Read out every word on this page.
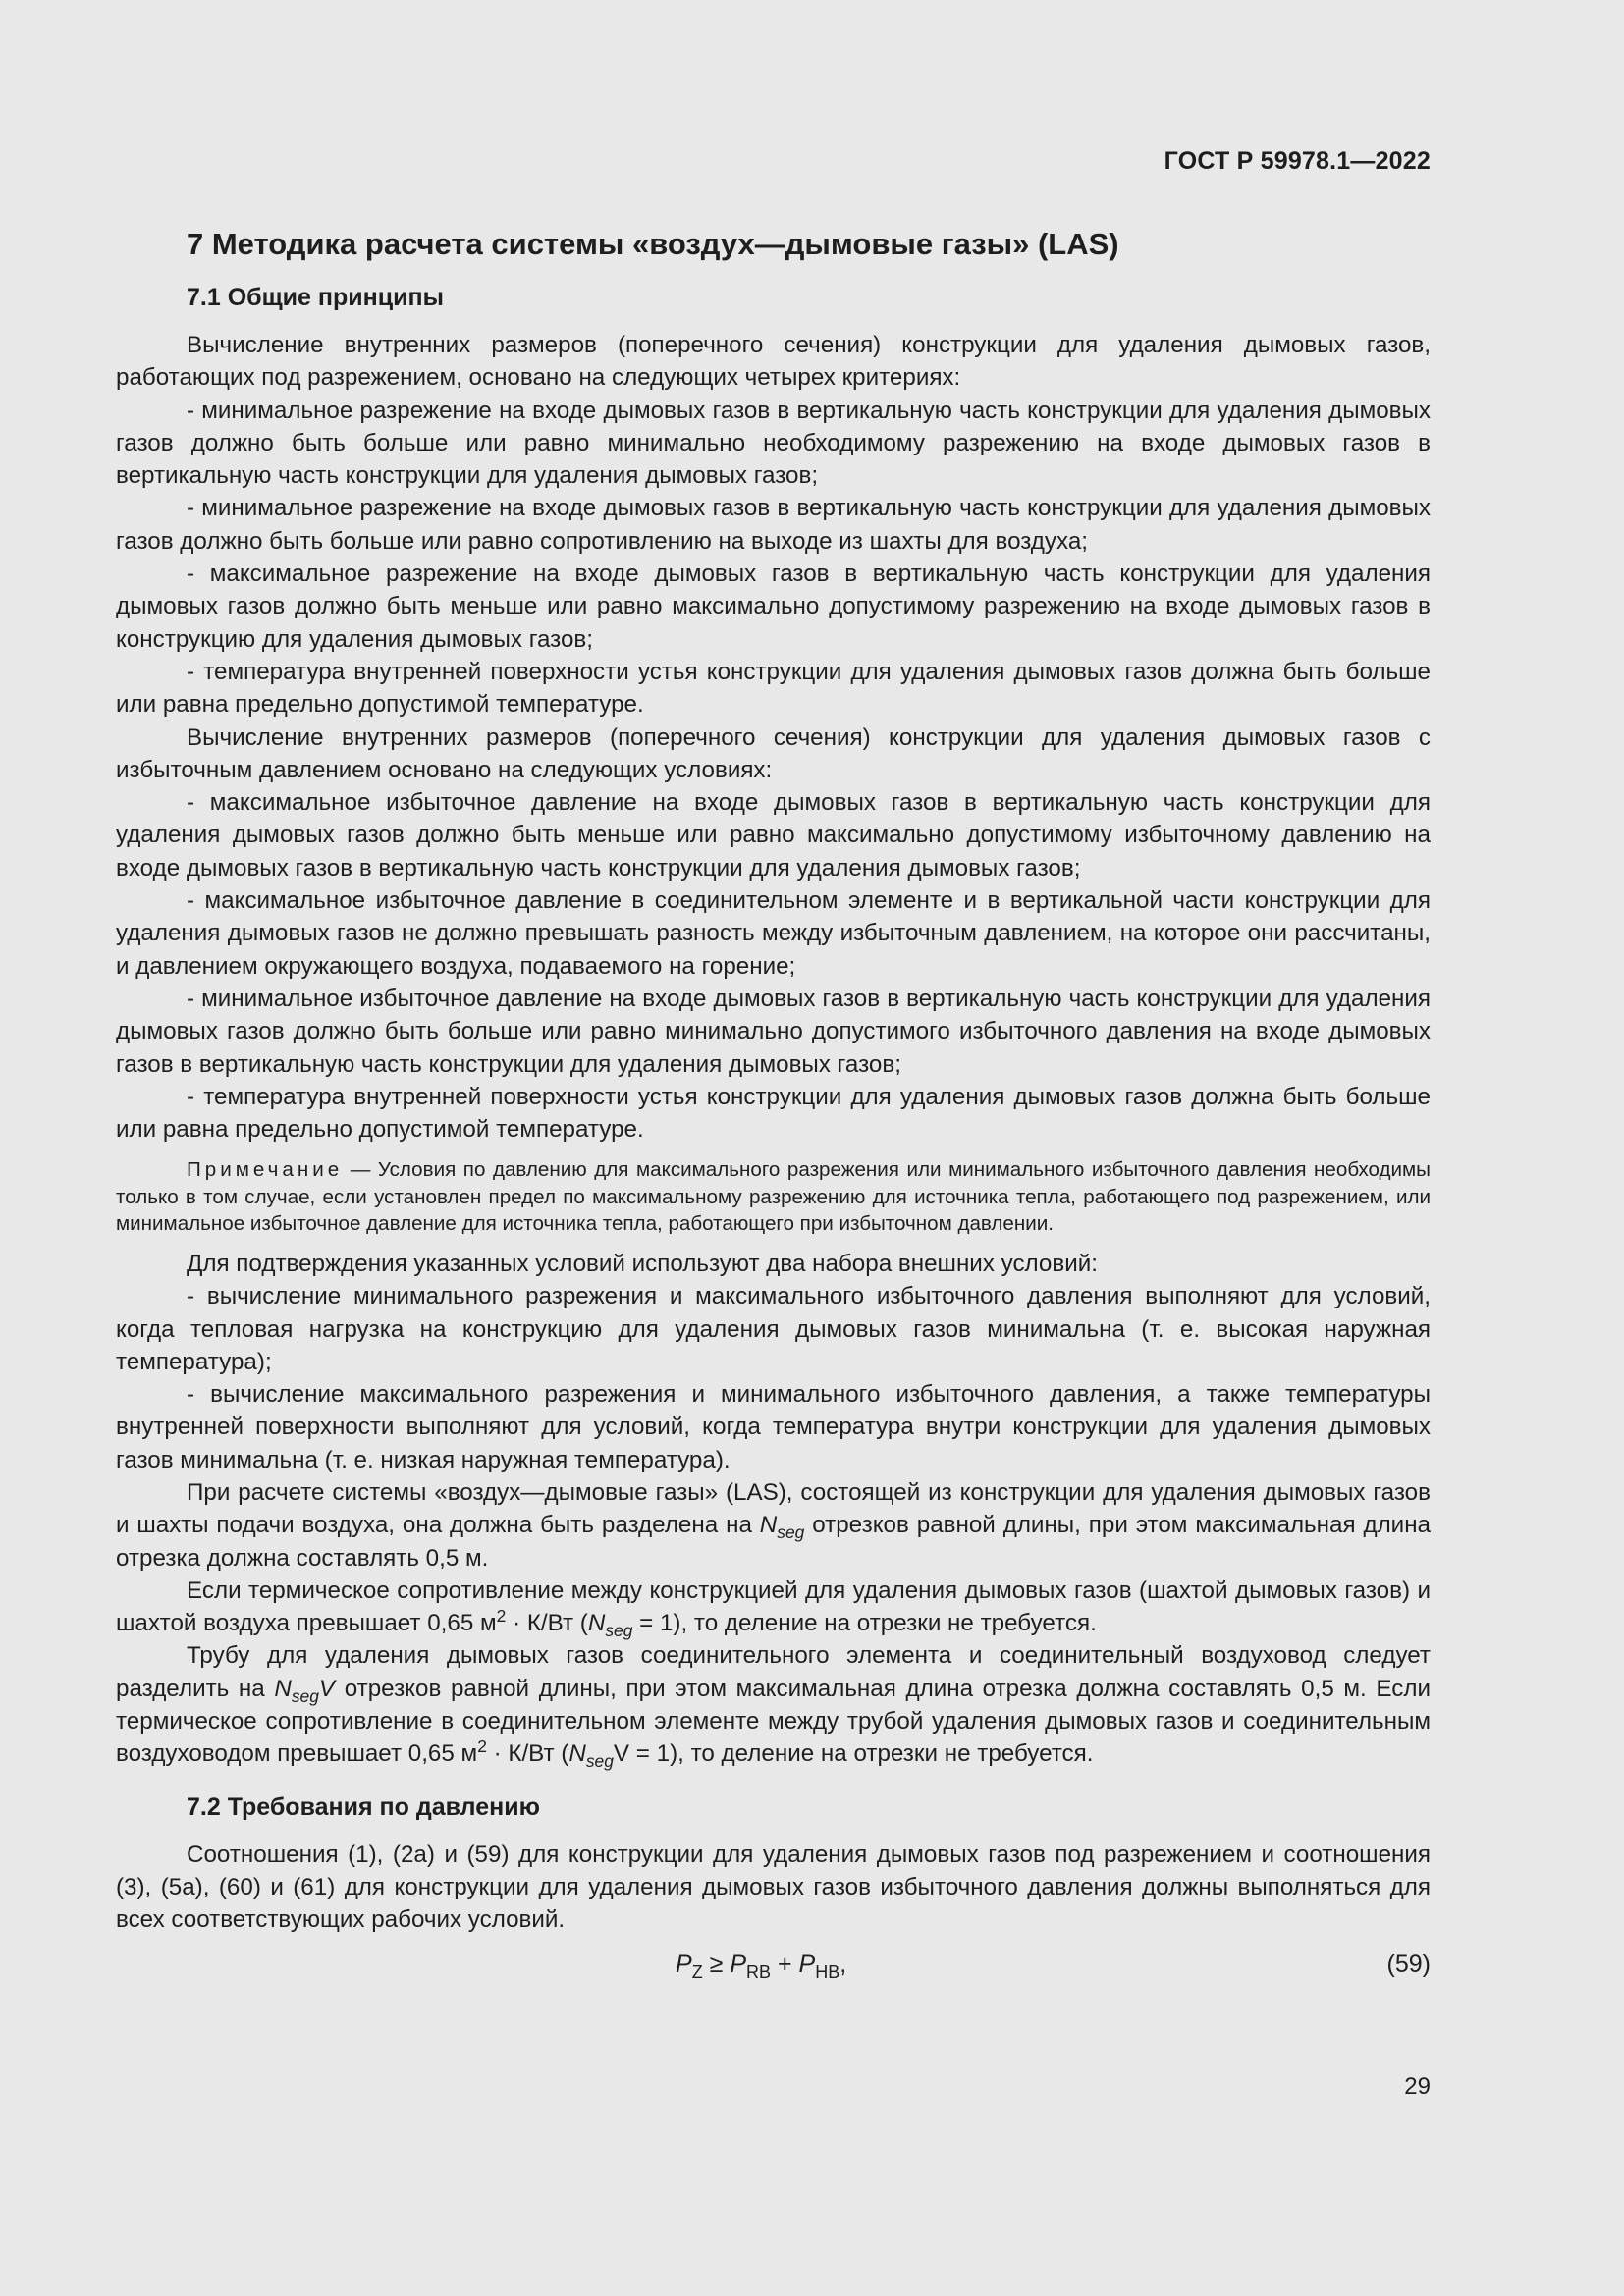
ГОСТ Р 59978.1—2022
7 Методика расчета системы «воздух—дымовые газы» (LAS)
7.1 Общие принципы

Вычисление внутренних размеров (поперечного сечения) конструкции для удаления дымовых газов, работающих под разрежением, основано на следующих четырех критериях:

- минимальное разрежение на входе дымовых газов в вертикальную часть конструкции для удаления дымовых газов должно быть больше или равно минимально необходимому разрежению на входе дымовых газов в вертикальную часть конструкции для удаления дымовых газов;

- минимальное разрежение на входе дымовых газов в вертикальную часть конструкции для удаления дымовых газов должно быть больше или равно сопротивлению на выходе из шахты для воздуха;

- максимальное разрежение на входе дымовых газов в вертикальную часть конструкции для удаления дымовых газов должно быть меньше или равно максимально допустимому разрежению на входе дымовых газов в конструкцию для удаления дымовых газов;

- температура внутренней поверхности устья конструкции для удаления дымовых газов должна быть больше или равна предельно допустимой температуре.

Вычисление внутренних размеров (поперечного сечения) конструкции для удаления дымовых газов с избыточным давлением основано на следующих условиях:

- максимальное избыточное давление на входе дымовых газов в вертикальную часть конструкции для удаления дымовых газов должно быть меньше или равно максимально допустимому избыточному давлению на входе дымовых газов в вертикальную часть конструкции для удаления дымовых газов;

- максимальное избыточное давление в соединительном элементе и в вертикальной части конструкции для удаления дымовых газов не должно превышать разность между избыточным давлением, на которое они рассчитаны, и давлением окружающего воздуха, подаваемого на горение;

- минимальное избыточное давление на входе дымовых газов в вертикальную часть конструкции для удаления дымовых газов должно быть больше или равно минимально допустимого избыточного давления на входе дымовых газов в вертикальную часть конструкции для удаления дымовых газов;

- температура внутренней поверхности устья конструкции для удаления дымовых газов должна быть больше или равна предельно допустимой температуре.

Примечание — Условия по давлению для максимального разрежения или минимального избыточного давления необходимы только в том случае, если установлен предел по максимальному разрежению для источника тепла, работающего под разрежением, или минимальное избыточное давление для источника тепла, работающего при избыточном давлении.

Для подтверждения указанных условий используют два набора внешних условий:

- вычисление минимального разрежения и максимального избыточного давления выполняют для условий, когда тепловая нагрузка на конструкцию для удаления дымовых газов минимальна (т. е. высокая наружная температура);

- вычисление максимального разрежения и минимального избыточного давления, а также температуры внутренней поверхности выполняют для условий, когда температура внутри конструкции для удаления дымовых газов минимальна (т. е. низкая наружная температура).

При расчете системы «воздух—дымовые газы» (LAS), состоящей из конструкции для удаления дымовых газов и шахты подачи воздуха, она должна быть разделена на $N_{seg}$ отрезков равной длины, при этом максимальная длина отрезка должна составлять 0,5 м.

Если термическое сопротивление между конструкцией для удаления дымовых газов (шахтой дымовых газов) и шахтой воздуха превышает 0,65 $м^2 \cdot К/Вт$ $(N_{seg} = 1)$, то деление на отрезки не требуется.

Трубу для удаления дымовых газов соединительного элемента и соединительный воздуховод следует разделить на $N_{seg}V$ отрезков равной длины, при этом максимальная длина отрезка должна составлять 0,5 м. Если термическое сопротивление в соединительном элементе между трубой удаления дымовых газов и соединительным воздуховодом превышает 0,65 $м^2 \cdot К/Вт$ $(N_{seg}V = 1)$, то деление на отрезки не требуется.

7.2 Требования по давлению

Соотношения (1), (2а) и (59) для конструкции для удаления дымовых газов под разрежением и соотношения (3), (5а), (60) и (61) для конструкции для удаления дымовых газов избыточного давления должны выполняться для всех соответствующих рабочих условий.

$P_Z \ge P_{RB} + P_{HB}$,	(59)
29
